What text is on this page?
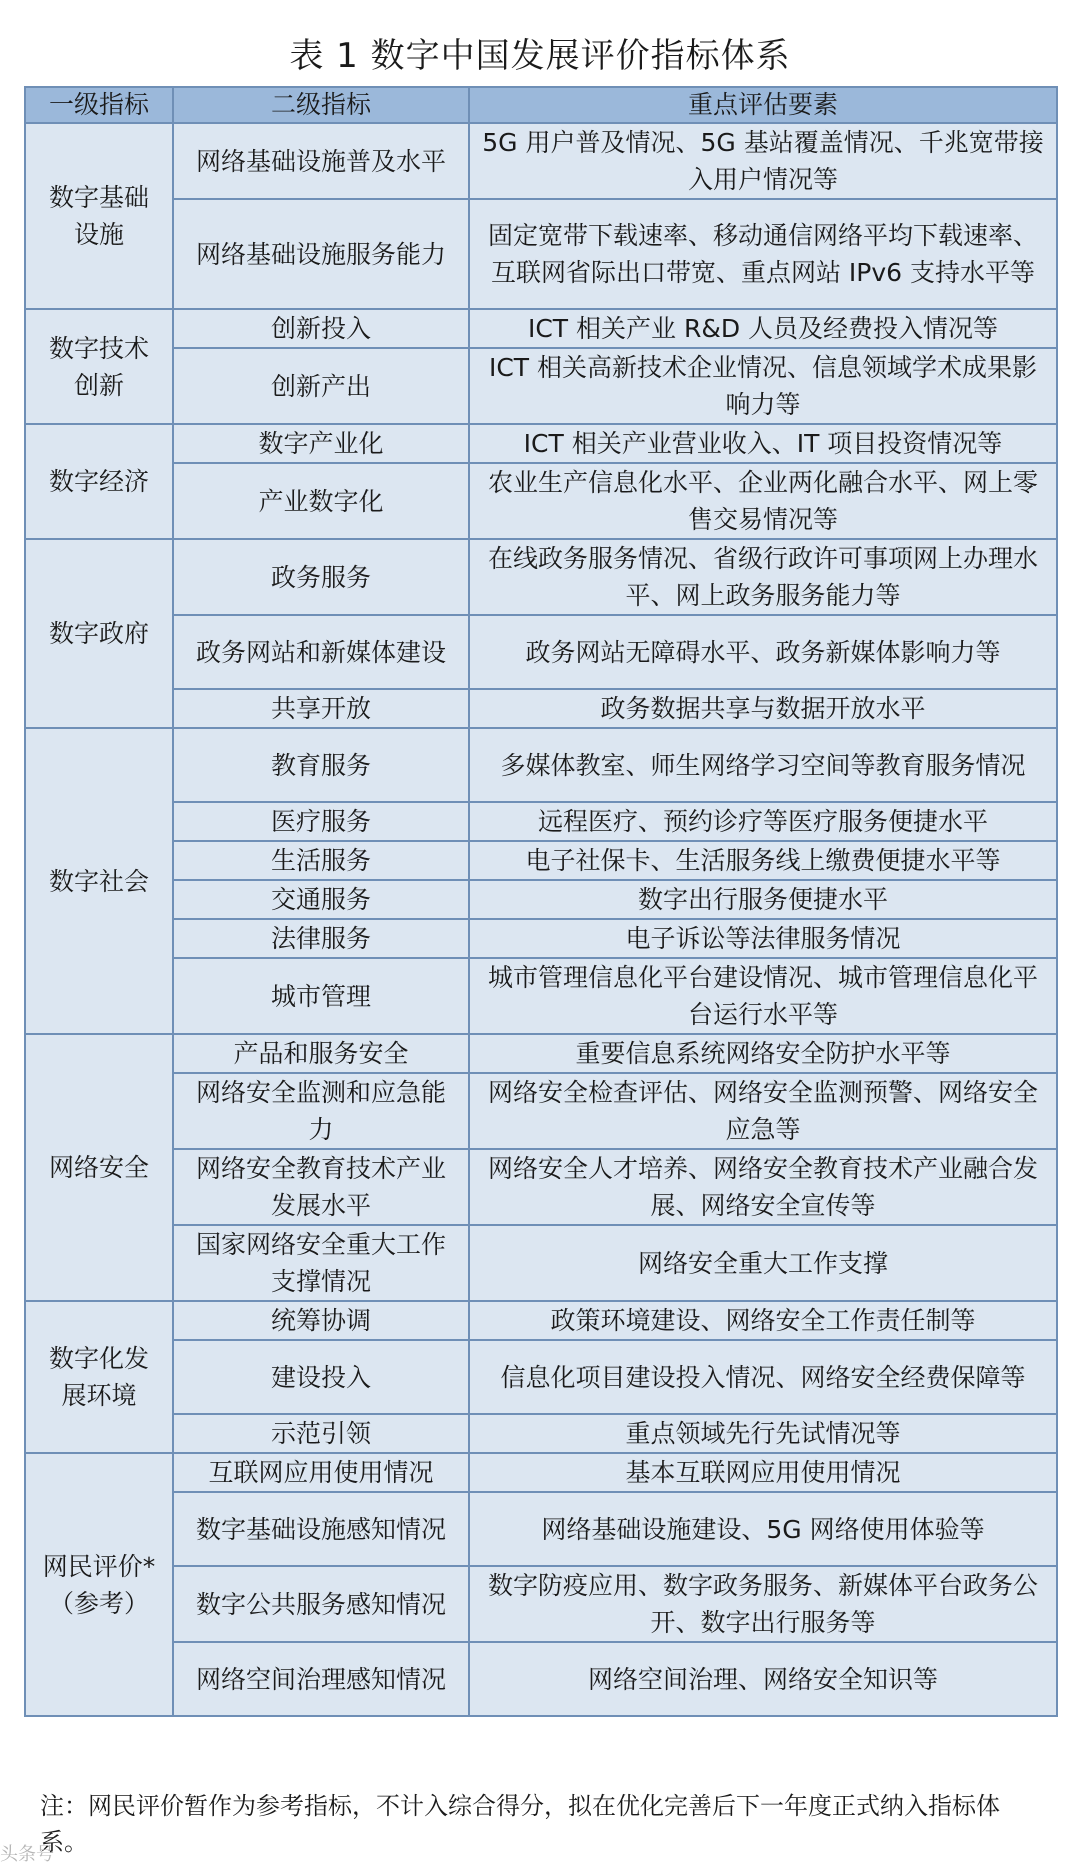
表 1 数字中国发展评价指标体系
一级指标	二级指标	重点评估要素
数字基础设施	网络基础设施普及水平	5G 用户普及情况、5G 基站覆盖情况、千兆宽带接入用户情况等
	网络基础设施服务能力	固定宽带下载速率、移动通信网络平均下载速率、互联网省际出口带宽、重点网站 IPv6 支持水平等
数字技术创新	创新投入	ICT 相关产业 R&D 人员及经费投入情况等
	创新产出	ICT 相关高新技术企业情况、信息领域学术成果影响力等
数字经济	数字产业化	ICT 相关产业营业收入、IT 项目投资情况等
	产业数字化	农业生产信息化水平、企业两化融合水平、网上零售交易情况等
数字政府	政务服务	在线政务服务情况、省级行政许可事项网上办理水平、网上政务服务能力等
	政务网站和新媒体建设	政务网站无障碍水平、政务新媒体影响力等
	共享开放	政务数据共享与数据开放水平
数字社会	教育服务	多媒体教室、师生网络学习空间等教育服务情况
	医疗服务	远程医疗、预约诊疗等医疗服务便捷水平
	生活服务	电子社保卡、生活服务线上缴费便捷水平等
	交通服务	数字出行服务便捷水平
	法律服务	电子诉讼等法律服务情况
	城市管理	城市管理信息化平台建设情况、城市管理信息化平台运行水平等
网络安全	产品和服务安全	重要信息系统网络安全防护水平等
	网络安全监测和应急能力	网络安全检查评估、网络安全监测预警、网络安全应急等
	网络安全教育技术产业发展水平	网络安全人才培养、网络安全教育技术产业融合发展、网络安全宣传等
	国家网络安全重大工作支撑情况	网络安全重大工作支撑
数字化发展环境	统筹协调	政策环境建设、网络安全工作责任制等
	建设投入	信息化项目建设投入情况、网络安全经费保障等
	示范引领	重点领域先行先试情况等
网民评价*（参考）	互联网应用使用情况	基本互联网应用使用情况
	数字基础设施感知情况	网络基础设施建设、5G 网络使用体验等
	数字公共服务感知情况	数字防疫应用、数字政务服务、新媒体平台政务公开、数字出行服务等
	网络空间治理感知情况	网络空间治理、网络安全知识等
注：网民评价暂作为参考指标，不计入综合得分，拟在优化完善后下一年度正式纳入指标体系。
头条号
